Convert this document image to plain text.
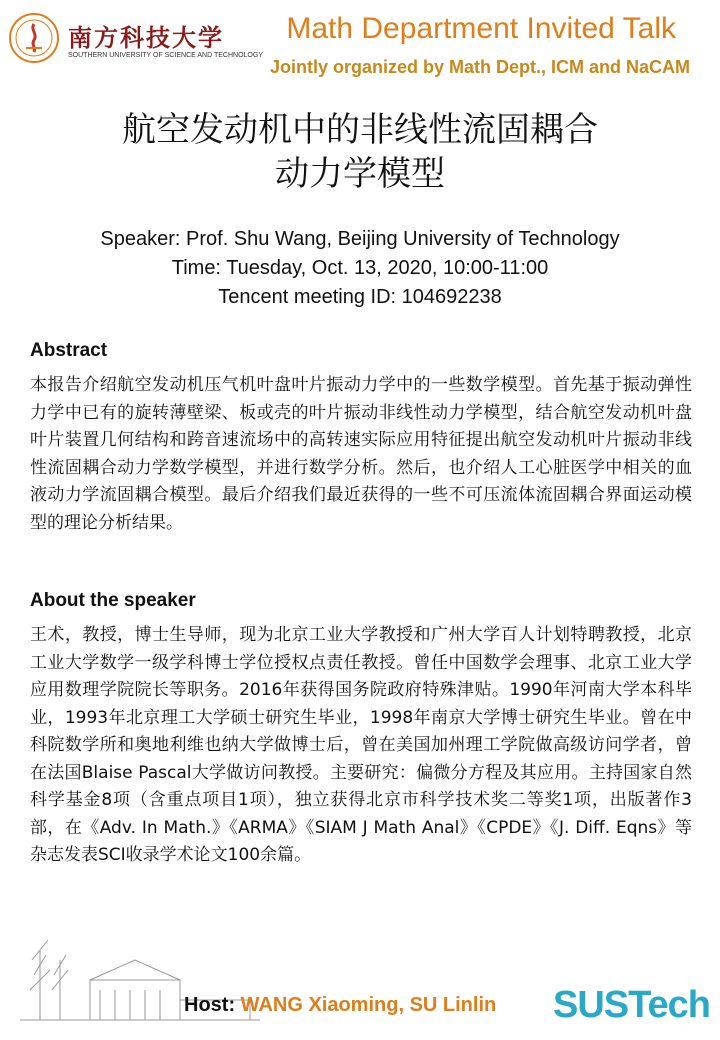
南方科技大学
SOUTHERN UNIVERSITY OF SCIENCE AND TECHNOLOGY
Math Department Invited Talk
Jointly organized by Math Dept., ICM and NaCAM
航空发动机中的非线性流固耦合
动力学模型
Speaker: Prof. Shu Wang, Beijing University of Technology
Time: Tuesday, Oct. 13, 2020, 10:00-11:00
Tencent meeting ID: 104692238
Abstract
本报告介绍航空发动机压气机叶盘叶片振动力学中的一些数学模型。首先基于振动弹性力学中已有的旋转薄壁梁、板或壳的叶片振动非线性动力学模型，结合航空发动机叶盘叶片装置几何结构和跨音速流场中的高转速实际应用特征提出航空发动机叶片振动非线性流固耦合动力学数学模型，并进行数学分析。然后，也介绍人工心脏医学中相关的血液动力学流固耦合模型。最后介绍我们最近获得的一些不可压流体流固耦合界面运动模型的理论分析结果。
About the speaker
王术，教授，博士生导师，现为北京工业大学教授和广州大学百人计划特聘教授，北京工业大学数学一级学科博士学位授权点责任教授。曾任中国数学会理事、北京工业大学应用数理学院院长等职务。2016年获得国务院政府特殊津贴。1990年河南大学本科毕业，1993年北京理工大学硕士研究生毕业，1998年南京大学博士研究生毕业。曾在中科院数学所和奥地利维也纳大学做博士后，曾在美国加州理工学院做高级访问学者，曾在法国Blaise Pascal大学做访问教授。主要研究：偏微分方程及其应用。主持国家自然科学基金8项（含重点项目1项），独立获得北京市科学技术奖二等奖1项，出版著作3部，在《Adv. In Math.》《ARMA》《SIAM J Math Anal》《CPDE》《J. Diff. Eqns》等杂志发表SCI收录学术论文100余篇。
Host: WANG Xiaoming, SU Linlin SUSTech
